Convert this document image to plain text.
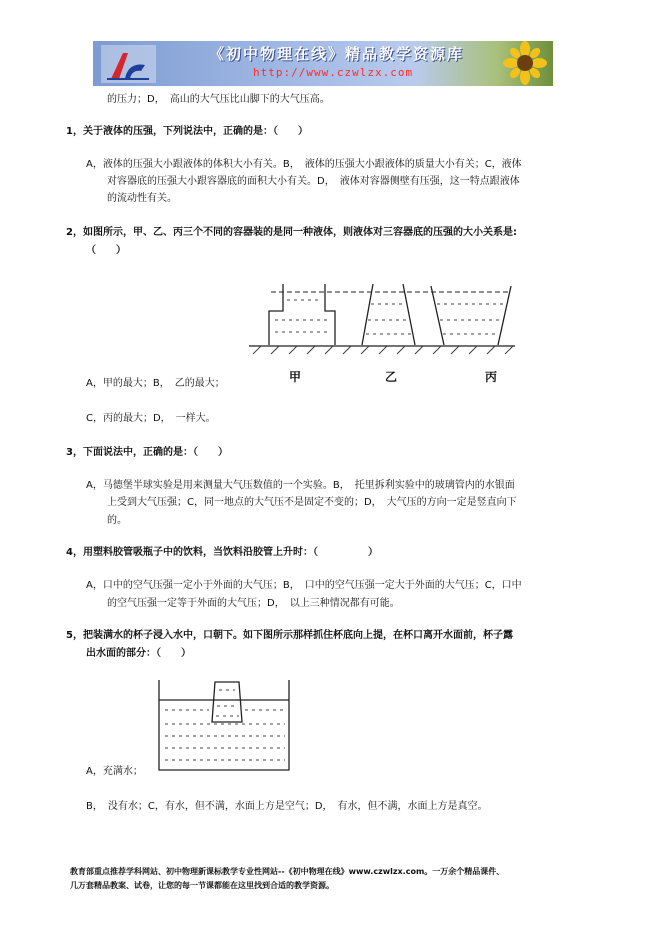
《初中物理在线》精品教学资源库
http://www.czwlzx.com
的压力；D，　高山的大气压比山脚下的大气压高。
1，关于液体的压强，下列说法中，正确的是：（　　）
A，液体的压强大小跟液体的体积大小有关。B，　液体的压强大小跟液体的质量大小有关；C，液体
对容器底的压强大小跟容器底的面积大小有关。D，　液体对容器侧壁有压强，这一特点跟液体
的流动性有关。
2，如图所示，甲、乙、丙三个不同的容器装的是同一种液体，则液体对三容器底的压强的大小关系是:
（　　）
甲	乙	丙
A，甲的最大；B，　乙的最大；
C，丙的最大；D，　一样大。
3，下面说法中，正确的是：（　　）
A，马德堡半球实验是用来测量大气压数值的一个实验。B，　托里拆利实验中的玻璃管内的水银面
上受到大气压强；C，同一地点的大气压不是固定不变的；D，　大气压的方向一定是竖直向下
的。
4，用塑料胶管吸瓶子中的饮料，当饮料沿胶管上升时：（　　　　　）
A，口中的空气压强一定小于外面的大气压；B，　口中的空气压强一定大于外面的大气压；C，口中
的空气压强一定等于外面的大气压；D，　以上三种情况都有可能。
5，把装满水的杯子浸入水中，口朝下。如下图所示那样抓住杯底向上提，在杯口离开水面前，杯子露
出水面的部分：（　　）
A，充满水；
B，　没有水；C，有水，但不满，水面上方是空气；D，　有水，但不满，水面上方是真空。
教育部重点推荐学科网站、初中物理新课标教学专业性网站--《初中物理在线》www.czwlzx.com。一万余个精品课件、
几万套精品教案、试卷，让您的每一节课都能在这里找到合适的教学资源。
